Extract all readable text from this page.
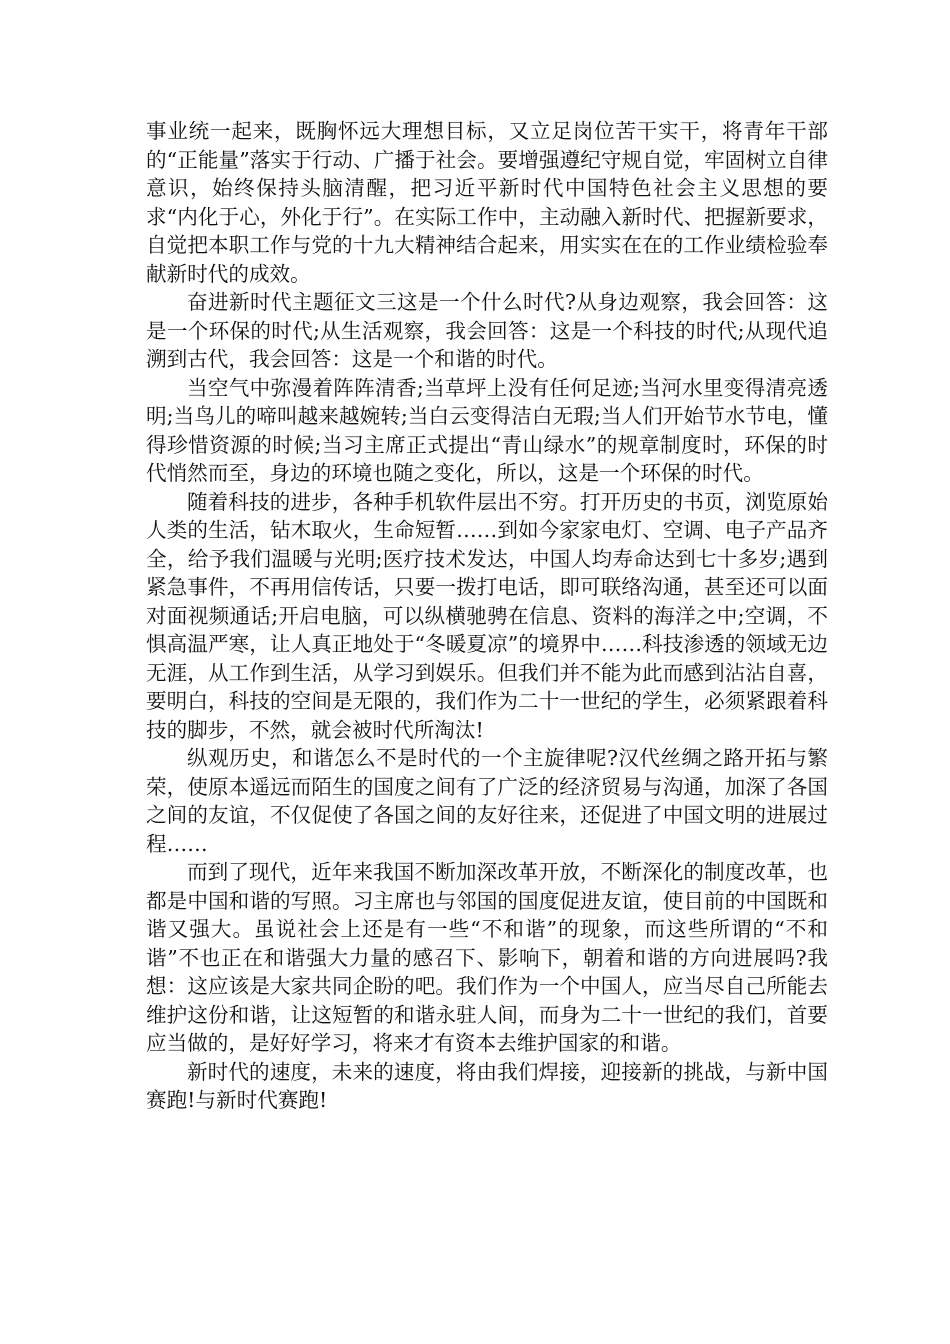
事业统一起来，既胸怀远大理想目标，又立足岗位苦干实干，将青年干部的“正能量”落实于行动、广播于社会。要增强遵纪守规自觉，牢固树立自律意识，始终保持头脑清醒，把习近平新时代中国特色社会主义思想的要求“内化于心，外化于行”。在实际工作中，主动融入新时代、把握新要求，自觉把本职工作与党的十九大精神结合起来，用实实在在的工作业绩检验奉献新时代的成效。

奋进新时代主题征文三这是一个什么时代?从身边观察，我会回答：这是一个环保的时代;从生活观察，我会回答：这是一个科技的时代;从现代追溯到古代，我会回答：这是一个和谐的时代。

当空气中弥漫着阵阵清香;当草坪上没有任何足迹;当河水里变得清亮透明;当鸟儿的啼叫越来越婉转;当白云变得洁白无瑕;当人们开始节水节电，懂得珍惜资源的时候;当习主席正式提出“青山绿水”的规章制度时，环保的时代悄然而至，身边的环境也随之变化，所以，这是一个环保的时代。

随着科技的进步，各种手机软件层出不穷。打开历史的书页，浏览原始人类的生活，钻木取火，生命短暂……到如今家家电灯、空调、电子产品齐全，给予我们温暖与光明;医疗技术发达，中国人均寿命达到七十多岁;遇到紧急事件，不再用信传话，只要一拨打电话，即可联络沟通，甚至还可以面对面视频通话;开启电脑，可以纵横驰骋在信息、资料的海洋之中;空调，不惧高温严寒，让人真正地处于“冬暖夏凉”的境界中……科技渗透的领域无边无涯，从工作到生活，从学习到娱乐。但我们并不能为此而感到沾沾自喜，要明白，科技的空间是无限的，我们作为二十一世纪的学生，必须紧跟着科技的脚步，不然，就会被时代所淘汰!

纵观历史，和谐怎么不是时代的一个主旋律呢?汉代丝绸之路开拓与繁荣，使原本遥远而陌生的国度之间有了广泛的经济贸易与沟通，加深了各国之间的友谊，不仅促使了各国之间的友好往来，还促进了中国文明的进展过程……

而到了现代，近年来我国不断加深改革开放，不断深化的制度改革，也都是中国和谐的写照。习主席也与邻国的国度促进友谊，使目前的中国既和谐又强大。虽说社会上还是有一些“不和谐”的现象，而这些所谓的“不和谐”不也正在和谐强大力量的感召下、影响下，朝着和谐的方向进展吗?我想：这应该是大家共同企盼的吧。我们作为一个中国人，应当尽自己所能去维护这份和谐，让这短暂的和谐永驻人间，而身为二十一世纪的我们，首要应当做的，是好好学习，将来才有资本去维护国家的和谐。

新时代的速度，未来的速度，将由我们焊接，迎接新的挑战，与新中国赛跑!与新时代赛跑!
